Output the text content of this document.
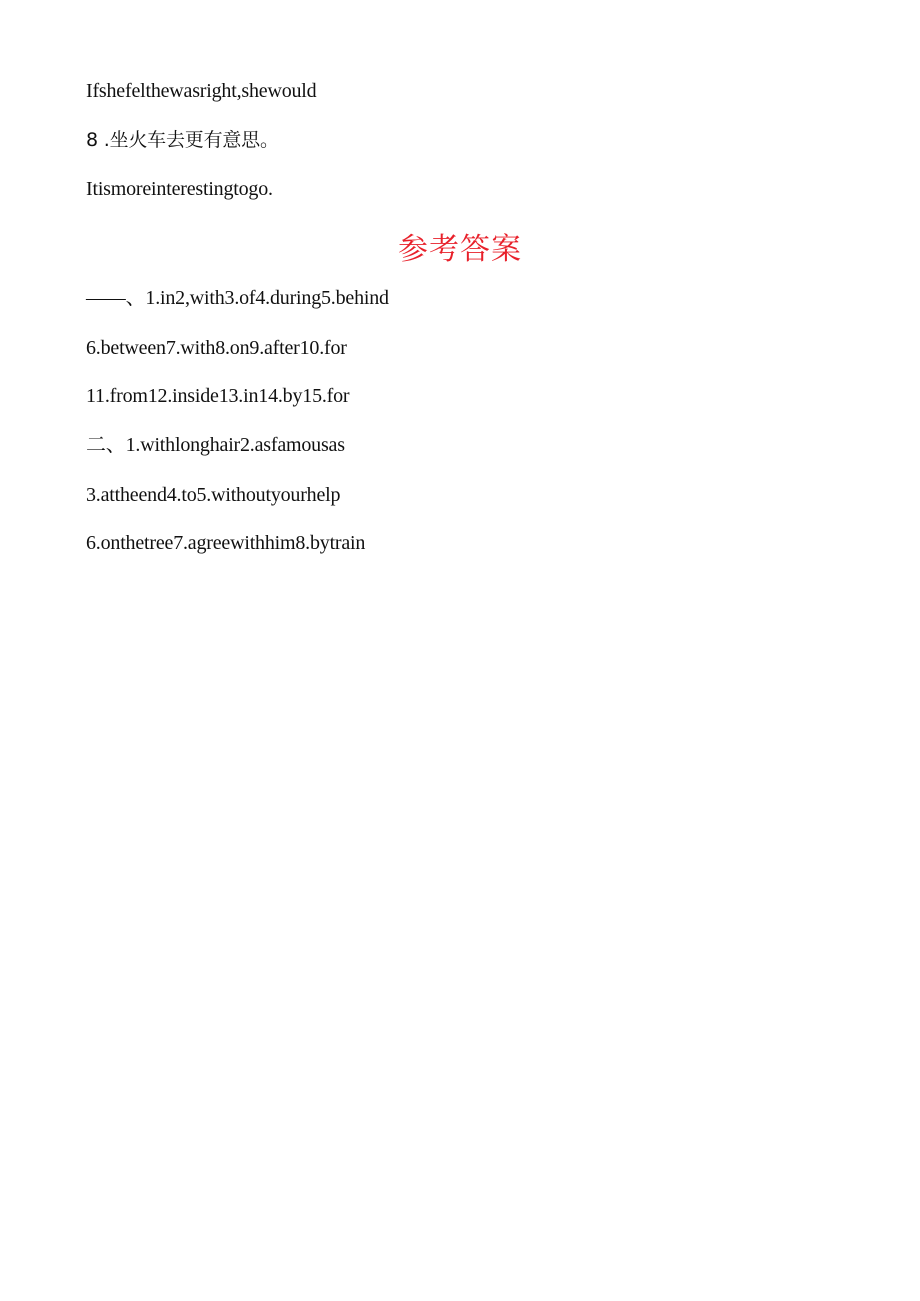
Ifshefelthewasright,shewould
8 .坐火车去更有意思。
Itismoreinterestingtogo.
参考答案
——、1.in2,with3.of4.during5.behind
6.between7.with8.on9.after10.for
11.from12.inside13.in14.by15.for
二、1.withlonghair2.asfamousas
3.attheend4.to5.withoutyourhelp
6.onthetree7.agreewithhim8.bytrain
